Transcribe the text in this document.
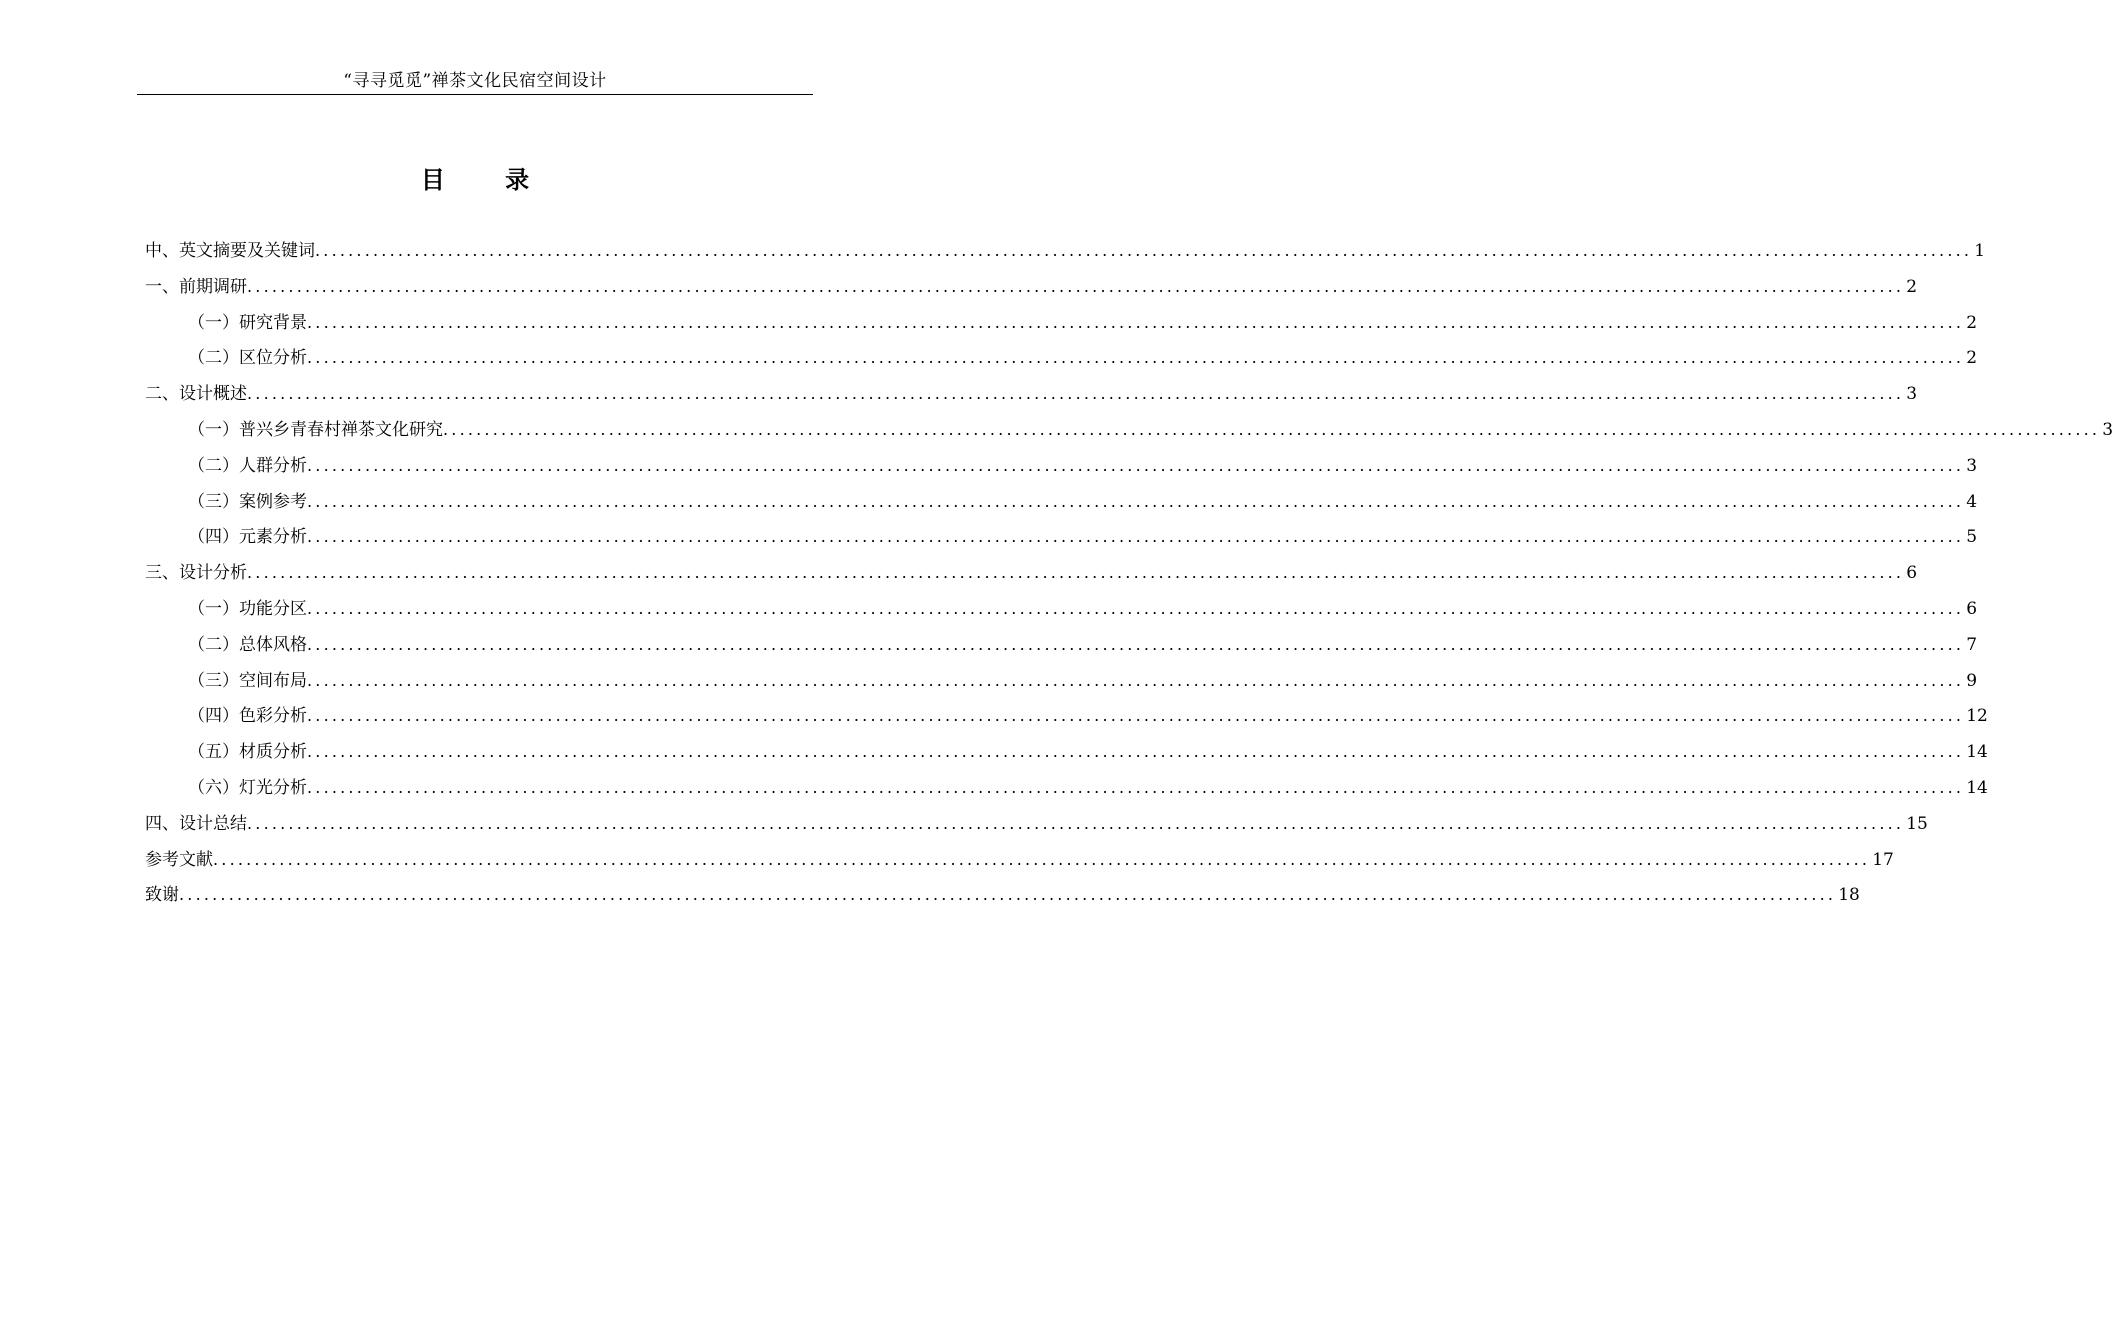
“寻寻觅觅”禅茶文化民宿空间设计
目 录
中、英文摘要及关键词 ........................................................................................................................................................................................................ 1
一、前期调研 ........................................................................................................................................................................................................ 2
（一）研究背景 ........................................................................................................................................................................................................ 2
（二）区位分析 ........................................................................................................................................................................................................ 2
二、设计概述 ........................................................................................................................................................................................................ 3
（一）普兴乡青春村禅茶文化研究 ........................................................................................................................................................................................................ 3
（二）人群分析 ........................................................................................................................................................................................................ 3
（三）案例参考 ........................................................................................................................................................................................................ 4
（四）元素分析 ........................................................................................................................................................................................................ 5
三、设计分析 ........................................................................................................................................................................................................ 6
（一）功能分区 ........................................................................................................................................................................................................ 6
（二）总体风格 ........................................................................................................................................................................................................ 7
（三）空间布局 ........................................................................................................................................................................................................ 9
（四）色彩分析 ........................................................................................................................................................................................................ 12
（五）材质分析 ........................................................................................................................................................................................................ 14
（六）灯光分析 ........................................................................................................................................................................................................ 14
四、设计总结 ........................................................................................................................................................................................................ 15
参考文献 ........................................................................................................................................................................................................ 17
致谢 ........................................................................................................................................................................................................ 18
